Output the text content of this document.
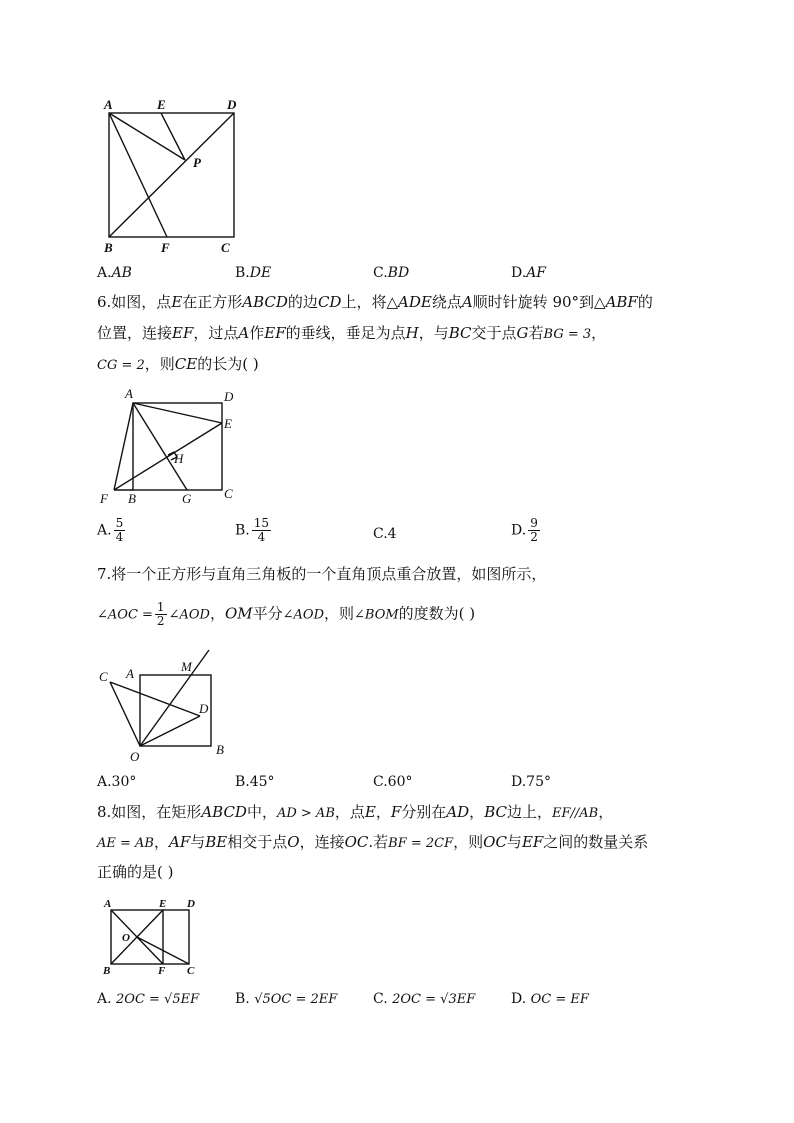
A	E	D
P
B	F	C
A.AB	B.DE	C.BD	D.AF
6.如图，点E在正方形ABCD的边CD上，将△ADE绕点A顺时针旋转 90°到△ABF的
位置，连接EF，过点A作EF的垂线，垂足为点H，与BC交于点G若BG = 3，
CG = 2，则CE的长为( )
A	D
E
H
F B	G	C
A. $\frac{5}{4}$	B. $\frac{15}{4}$	C.4	D. $\frac{9}{2}$
7.将一个正方形与直角三角板的一个直角顶点重合放置，如图所示，
∠AOC = $\frac{1}{2}$ ∠AOD，OM平分∠AOD，则∠BOM的度数为( )
M
C A
D
O	B
A.30°	B.45°	C.60°	D.75°
8.如图，在矩形ABCD中，AD > AB，点E，F分别在AD，BC边上，EF//AB，
AE = AB，AF与BE相交于点O，连接OC.若BF = 2CF，则OC与EF之间的数量关系
正确的是( )
A	E D
O
B	F C
A. 2OC = √5EF	B. √5OC = 2EF	C. 2OC = √3EF	D. OC = EF
